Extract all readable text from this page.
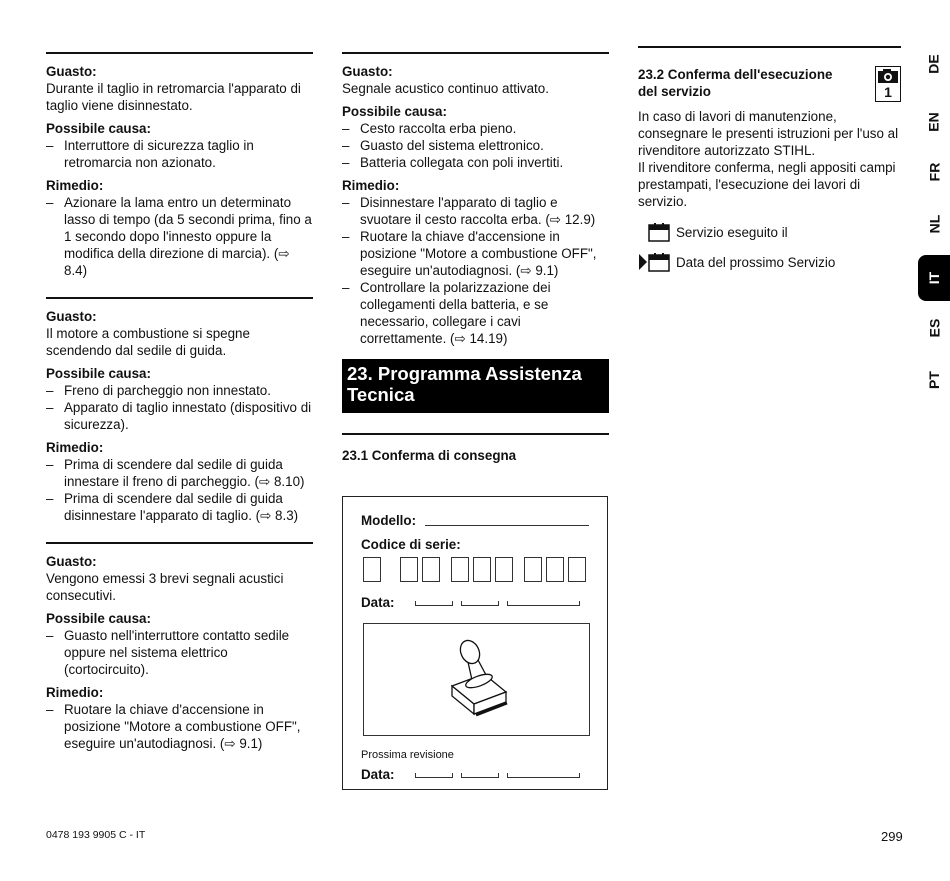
Guasto:
Durante il taglio in retromarcia l'apparato di taglio viene disinnestato.
Possibile causa:
– Interruttore di sicurezza taglio in retromarcia non azionato.
Rimedio:
– Azionare la lama entro un determinato lasso di tempo (da 5 secondi prima, fino a 1 secondo dopo l'innesto oppure la modifica della direzione di marcia). (⇨ 8.4)
Guasto:
Il motore a combustione si spegne scendendo dal sedile di guida.
Possibile causa:
– Freno di parcheggio non innestato.
– Apparato di taglio innestato (dispositivo di sicurezza).
Rimedio:
– Prima di scendere dal sedile di guida innestare il freno di parcheggio. (⇨ 8.10)
– Prima di scendere dal sedile di guida disinnestare l'apparato di taglio. (⇨ 8.3)
Guasto:
Vengono emessi 3 brevi segnali acustici consecutivi.
Possibile causa:
– Guasto nell'interruttore contatto sedile oppure nel sistema elettrico (cortocircuito).
Rimedio:
– Ruotare la chiave d'accensione in posizione "Motore a combustione OFF", eseguire un'autodiagnosi. (⇨ 9.1)
Guasto:
Segnale acustico continuo attivato.
Possibile causa:
– Cesto raccolta erba pieno.
– Guasto del sistema elettronico.
– Batteria collegata con poli invertiti.
Rimedio:
– Disinnestare l'apparato di taglio e svuotare il cesto raccolta erba. (⇨ 12.9)
– Ruotare la chiave d'accensione in posizione "Motore a combustione OFF", eseguire un'autodiagnosi. (⇨ 9.1)
– Controllare la polarizzazione dei collegamenti della batteria, e se necessario, collegare i cavi correttamente. (⇨ 14.19)
23. Programma Assistenza Tecnica
23.1 Conferma di consegna
Modello:
Codice di serie:
Data:
Prossima revisione
Data:
23.2 Conferma dell'esecuzione del servizio	1
In caso di lavori di manutenzione, consegnare le presenti istruzioni per l'uso al rivenditore autorizzato STIHL.
Il rivenditore conferma, negli appositi campi prestampati, l'esecuzione dei lavori di servizio.
Servizio eseguito il
Data del prossimo Servizio
DE
EN
FR
NL
IT
ES
PT
0478 193 9905 C - IT	299
